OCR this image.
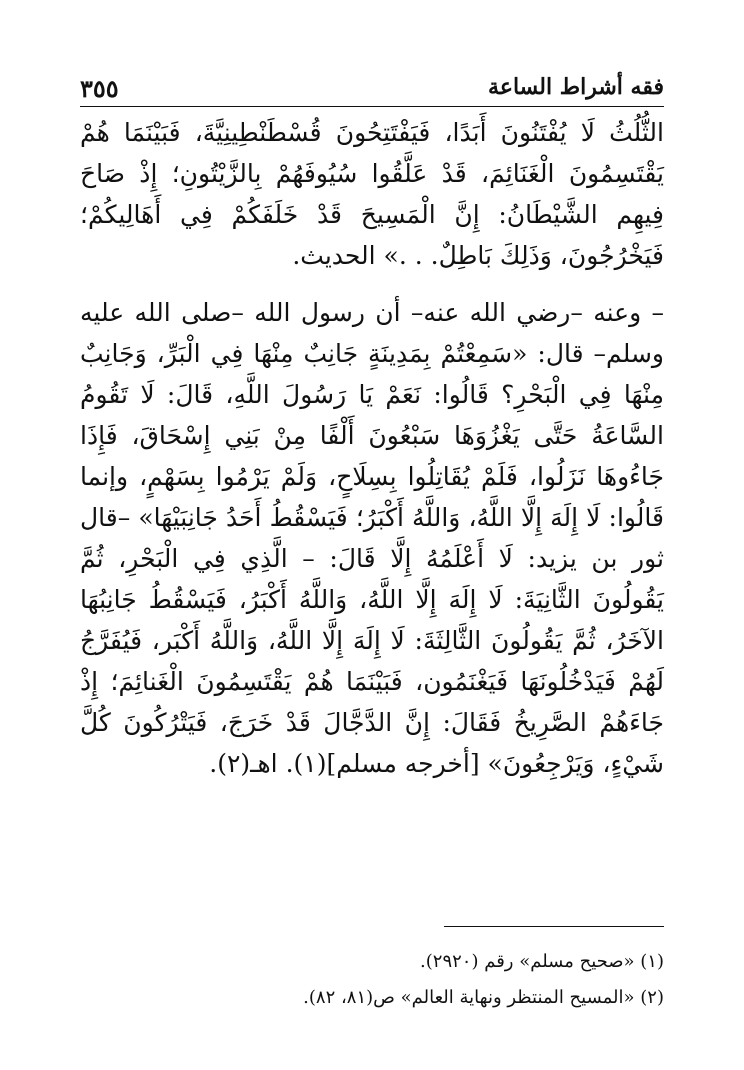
٣٥٥	فقه أشراط الساعة

الثُّلُثُ لَا يُفْتَنُونَ أَبَدًا، فَيَفْتَتِحُونَ قُسْطَنْطِينِيَّةَ، فَبَيْنَمَا هُمْ يَقْتَسِمُونَ الْغَنَائِمَ، قَدْ عَلَّقُوا سُيُوفَهُمْ بِالزَّيْتُونِ؛ إِذْ صَاحَ فِيهِم الشَّيْطَانُ: إِنَّ الْمَسِيحَ قَدْ خَلَفَكُمْ فِي أَهَالِيكُمْ؛ فَيَخْرُجُونَ، وَذَلِكَ بَاطِلٌ. . .» الحديث.

– وعنه –رضي الله عنه– أن رسول الله –صلى الله عليه وسلم– قال: «سَمِعْتُمْ بِمَدِينَةٍ جَانِبٌ مِنْهَا فِي الْبَرِّ، وَجَانِبٌ مِنْهَا فِي الْبَحْرِ؟ قَالُوا: نَعَمْ يَا رَسُولَ اللَّهِ، قَالَ: لَا تَقُومُ السَّاعَةُ حَتَّى يَغْزُوَهَا سَبْعُونَ أَلْفًا مِنْ بَنِي إِسْحَاقَ، فَإِذَا جَاءُوهَا نَزَلُوا، فَلَمْ يُقَاتِلُوا بِسِلَاحٍ، وَلَمْ يَرْمُوا بِسَهْمٍ، وإنما قَالُوا: لَا إِلَهَ إِلَّا اللَّهُ، وَاللَّهُ أَكْبَرُ؛ فَيَسْقُطُ أَحَدُ جَانِبَيْهَا» –قال ثور بن يزيد: لَا أَعْلَمُهُ إِلَّا قَالَ: – الَّذِي فِي الْبَحْرِ، ثُمَّ يَقُولُونَ الثَّانِيَةَ: لَا إِلَهَ إِلَّا اللَّهُ، وَاللَّهُ أَكْبَرُ، فَيَسْقُطُ جَانِبُهَا الآخَرُ، ثُمَّ يَقُولُونَ الثَّالِثَةَ: لَا إِلَهَ إِلَّا اللَّهُ، وَاللَّهُ أَكْبَر، فَيُفَرَّجُ لَهُمْ فَيَدْخُلُونَهَا فَيَغْنَمُون، فَبَيْنَمَا هُمْ يَقْتَسِمُونَ الْغَنائِمَ؛ إِذْ جَاءَهُمْ الصَّرِيخُ فَقَالَ: إِنَّ الدَّجَّالَ قَدْ خَرَجَ، فَيَتْرُكُونَ كُلَّ شَيْءٍ، وَيَرْجِعُونَ» [أخرجه مسلم](١). اهـ(٢).

(١) «صحيح مسلم» رقم (٢٩٢٠).

(٢) «المسيح المنتظر ونهاية العالم» ص(٨١، ٨٢).
